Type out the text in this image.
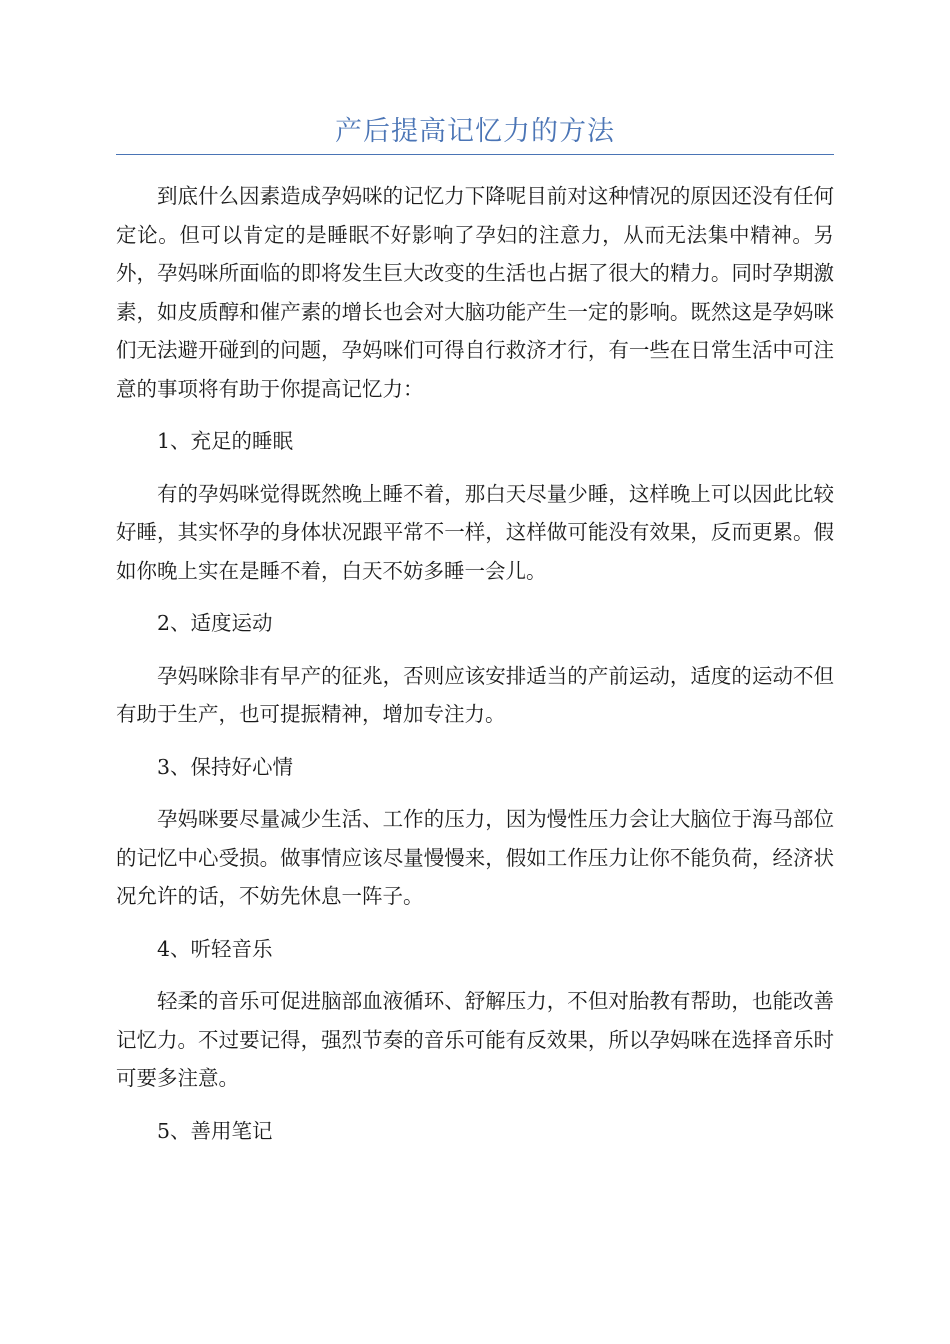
产后提高记忆力的方法

到底什么因素造成孕妈咪的记忆力下降呢目前对这种情况的原因还没有任何定论。但可以肯定的是睡眠不好影响了孕妇的注意力，从而无法集中精神。另外，孕妈咪所面临的即将发生巨大改变的生活也占据了很大的精力。同时孕期激素，如皮质醇和催产素的增长也会对大脑功能产生一定的影响。既然这是孕妈咪们无法避开碰到的问题，孕妈咪们可得自行救济才行，有一些在日常生活中可注意的事项将有助于你提高记忆力：

1、充足的睡眠

有的孕妈咪觉得既然晚上睡不着，那白天尽量少睡，这样晚上可以因此比较好睡，其实怀孕的身体状况跟平常不一样，这样做可能没有效果，反而更累。假如你晚上实在是睡不着，白天不妨多睡一会儿。

2、适度运动

孕妈咪除非有早产的征兆，否则应该安排适当的产前运动，适度的运动不但有助于生产，也可提振精神，增加专注力。

3、保持好心情

孕妈咪要尽量减少生活、工作的压力，因为慢性压力会让大脑位于海马部位的记忆中心受损。做事情应该尽量慢慢来，假如工作压力让你不能负荷，经济状况允许的话，不妨先休息一阵子。

4、听轻音乐

轻柔的音乐可促进脑部血液循环、舒解压力，不但对胎教有帮助，也能改善记忆力。不过要记得，强烈节奏的音乐可能有反效果，所以孕妈咪在选择音乐时可要多注意。

5、善用笔记
